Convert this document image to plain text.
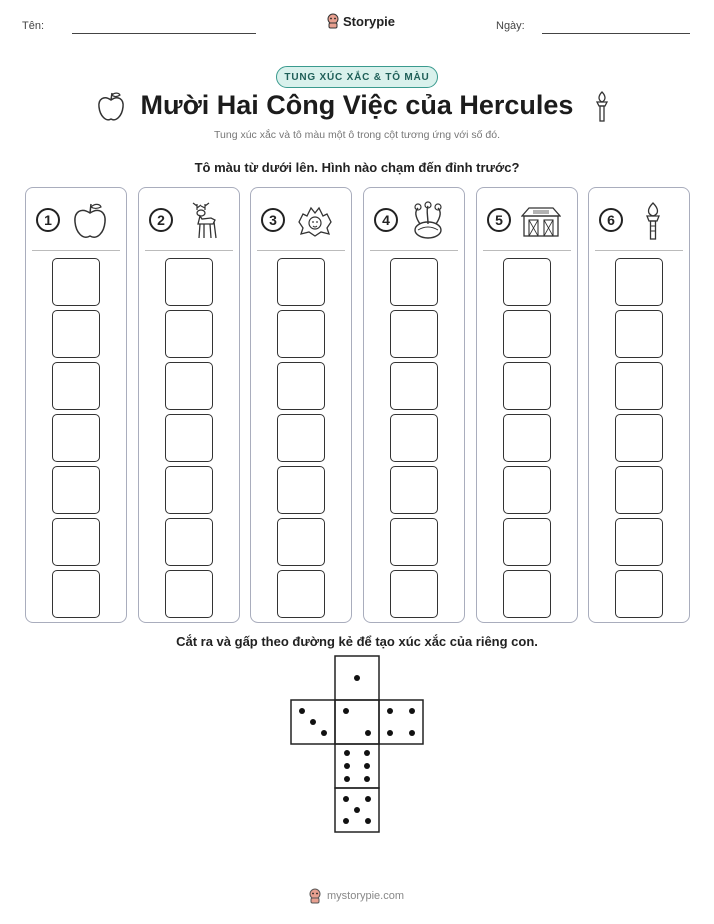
Tên:	Storypie	Ngày:
TUNG XÚC XẮC & TÔ MÀU
Mười Hai Công Việc của Hercules
Tung xúc xắc và tô màu một ô trong cột tương ứng với số đó.
Tô màu từ dưới lên. Hình nào chạm đến đỉnh trước?
1	2	3	4	5	6
Cắt ra và gấp theo đường kẻ để tạo xúc xắc của riêng con.
mystorypie.com
